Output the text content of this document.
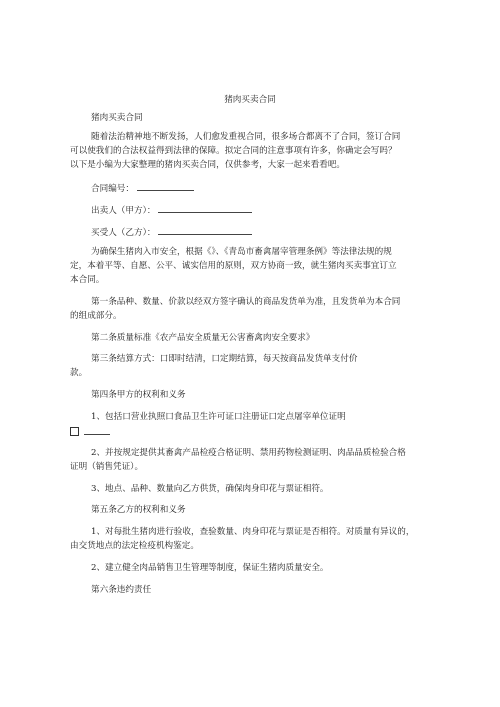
猪肉买卖合同

猪肉买卖合同

随着法治精神地不断发扬，人们愈发重视合同，很多场合都离不了合同，签订合同

可以使我们的合法权益得到法律的保障。拟定合同的注意事项有许多，你确定会写吗？

以下是小编为大家整理的猪肉买卖合同，仅供参考，大家一起来看看吧。

合同编号：

出卖人（甲方）：

买受人（乙方）：

为确保生猪肉入市安全，根据《》、《青岛市畜禽屠宰管理条例》等法律法规的规

定，本着平等、自愿、公平、诚实信用的原则，双方协商一致，就生猪肉买卖事宜订立

本合同。

第一条品种、数量、价款以经双方签字确认的商品发货单为准，且发货单为本合同

的组成部分。

第二条质量标准《农产品安全质量无公害畜禽肉安全要求》

第三条结算方式：口即时结清，口定期结算，每天按商品发货单支付价

款。

第四条甲方的权利和义务

1、包括口营业执照口食品卫生许可证口注册证口定点屠宰单位证明

2、并按规定提供其畜禽产品检疫合格证明、禁用药物检测证明、肉品品质检验合格

证明（销售凭证）。

3、地点、品种、数量向乙方供货，确保肉身印花与票证相符。

第五条乙方的权利和义务

1、对每批生猪肉进行验收，查验数量、肉身印花与票证是否相符。对质量有异议的，

由交货地点的法定检疫机构鉴定。

2、建立健全肉品销售卫生管理等制度，保证生猪肉质量安全。

第六条违约责任
